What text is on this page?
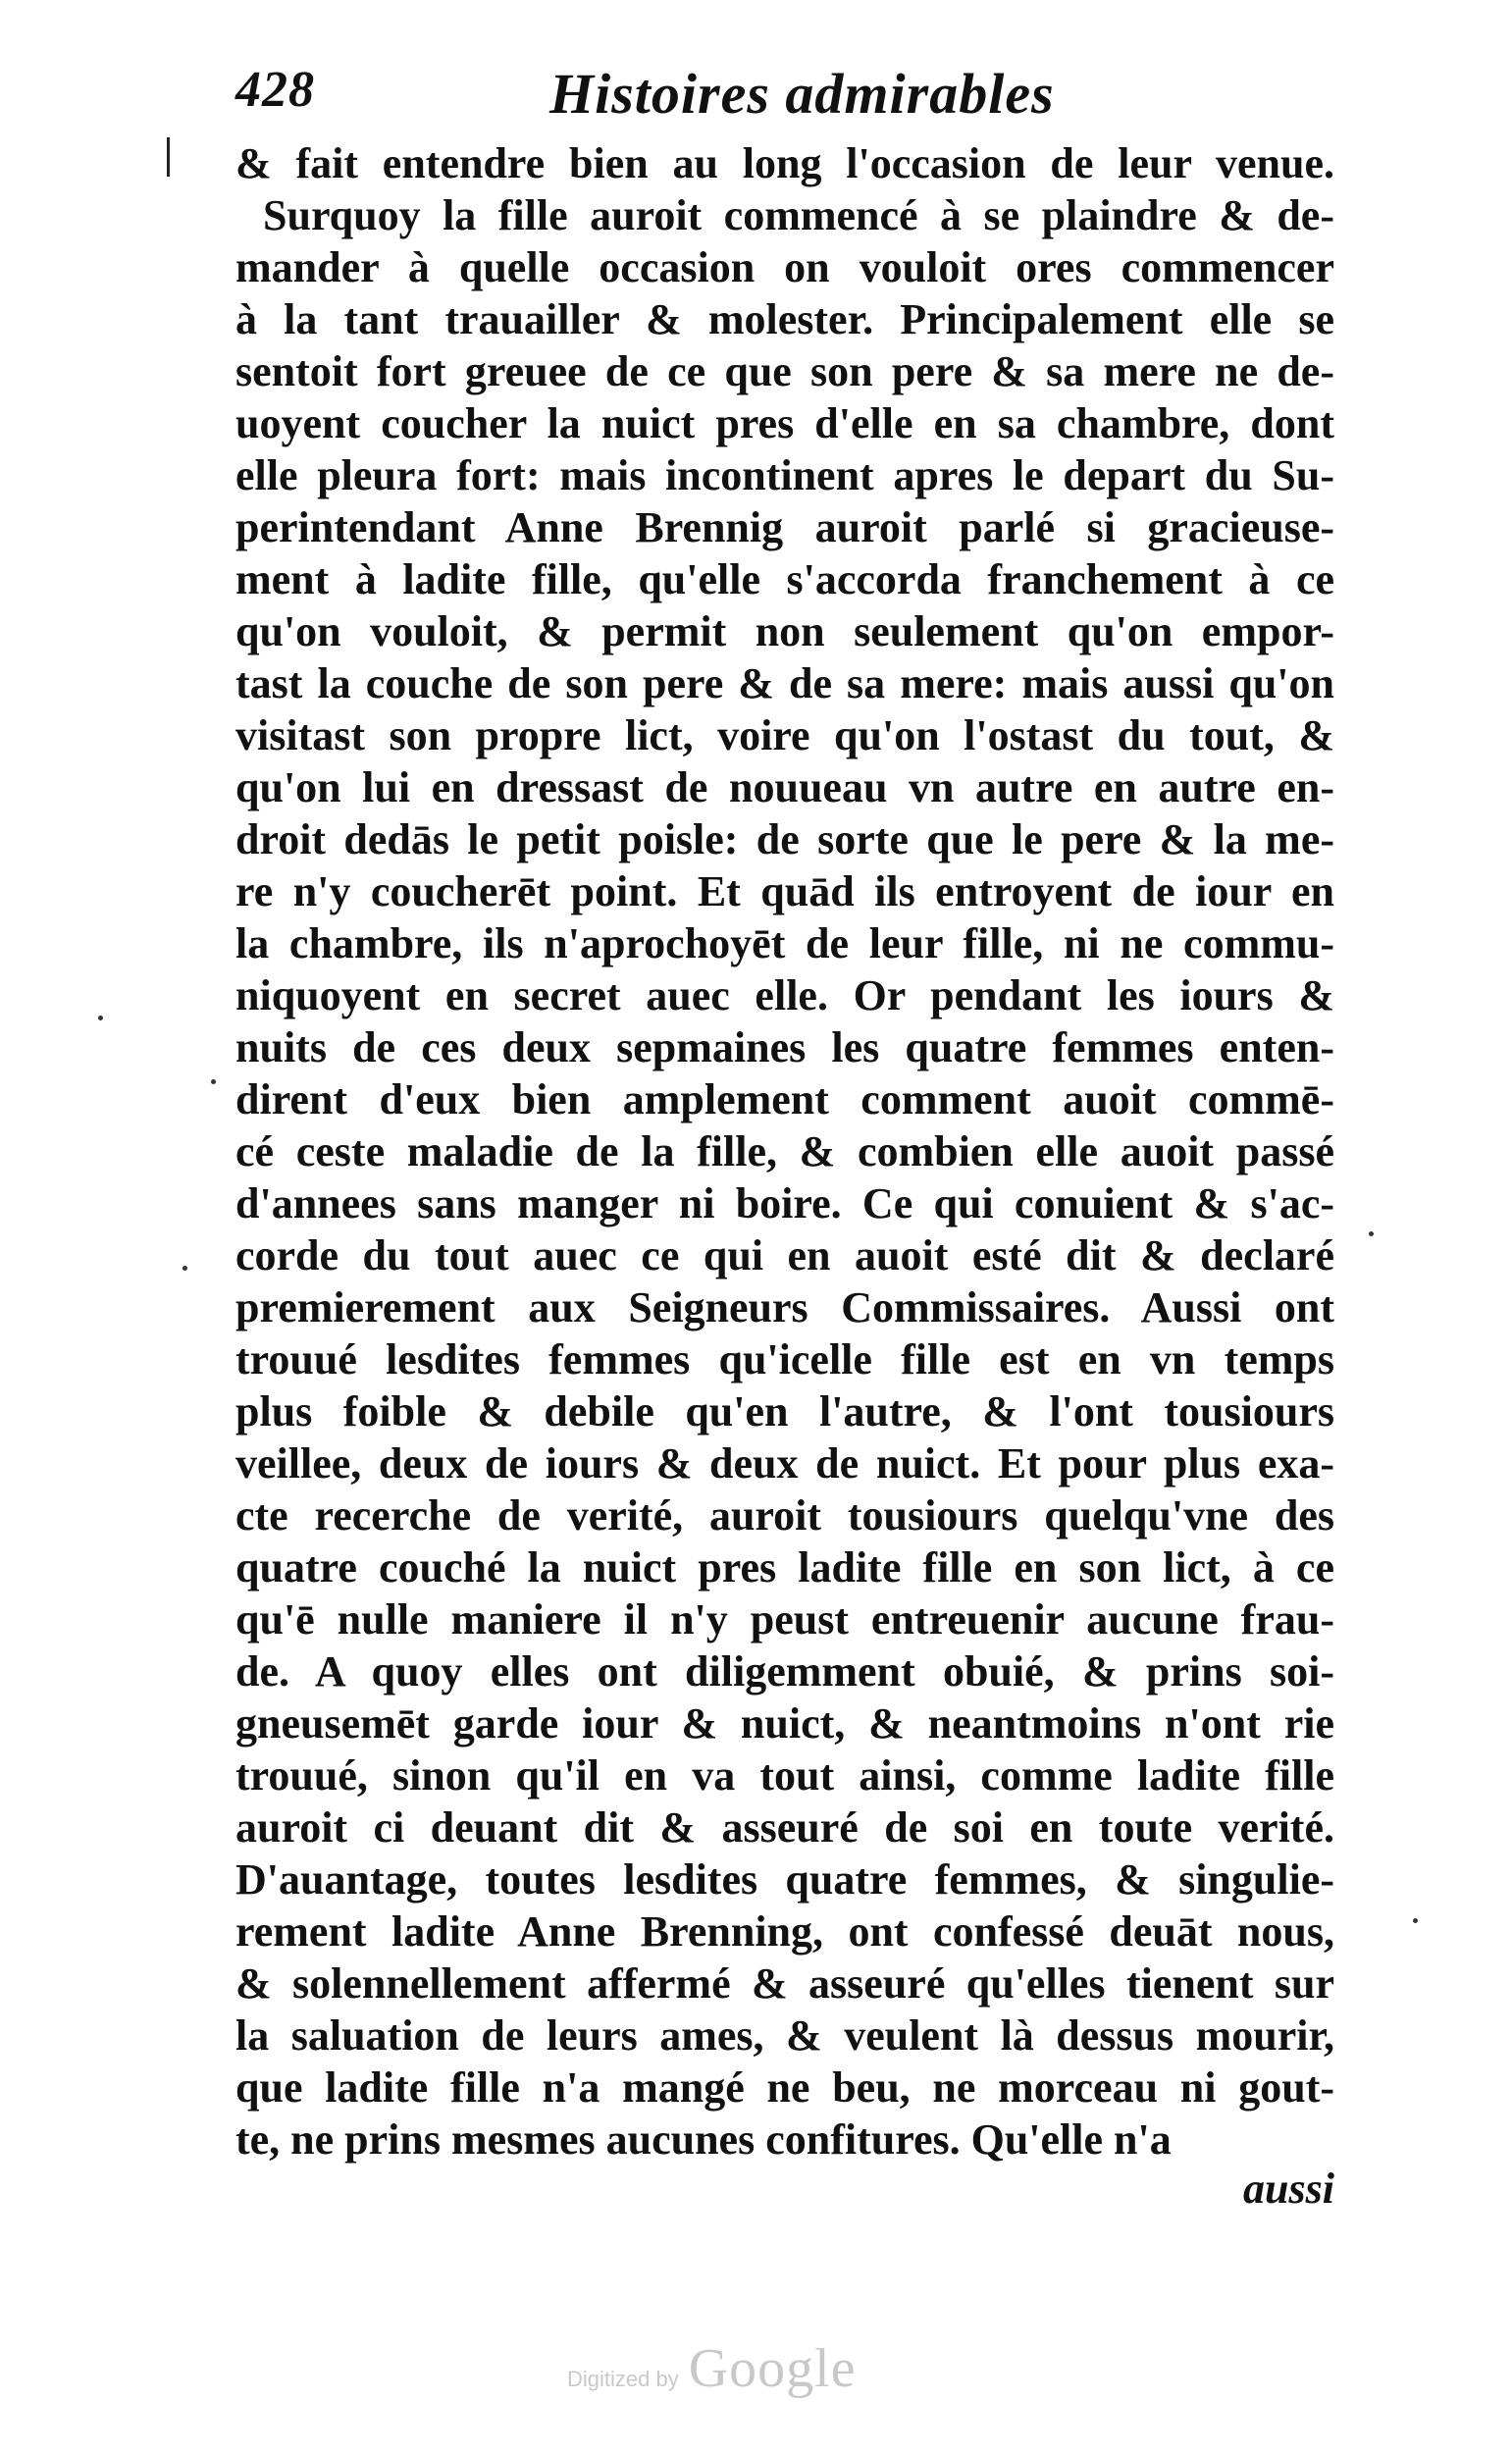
428	Histoires admirables
& fait entendre bien au long l'occasion de leur venue.
Surquoy la fille auroit commencé à se plaindre & de-
mander à quelle occasion on vouloit ores commencer
à la tant trauailler & molester. Principalement elle se
sentoit fort greuee de ce que son pere & sa mere ne de-
uoyent coucher la nuict pres d'elle en sa chambre, dont
elle pleura fort: mais incontinent apres le depart du Su-
perintendant Anne Brennig auroit parlé si gracieuse-
ment à ladite fille, qu'elle s'accorda franchement à ce
qu'on vouloit, & permit non seulement qu'on empor-
tast la couche de son pere & de sa mere: mais aussi qu'on
visitast son propre lict, voire qu'on l'ostast du tout, &
qu'on lui en dressast de nouueau vn autre en autre en-
droit dedās le petit poisle: de sorte que le pere & la me-
re n'y coucherēt point. Et quād ils entroyent de iour en
la chambre, ils n'aprochoyēt de leur fille, ni ne commu-
niquoyent en secret auec elle. Or pendant les iours &
nuits de ces deux sepmaines les quatre femmes enten-
dirent d'eux bien amplement comment auoit commē-
cé ceste maladie de la fille, & combien elle auoit passé
d'annees sans manger ni boire. Ce qui conuient & s'ac-
corde du tout auec ce qui en auoit esté dit & declaré
premierement aux Seigneurs Commissaires. Aussi ont
trouué lesdites femmes qu'icelle fille est en vn temps
plus foible & debile qu'en l'autre, & l'ont tousiours
veillee, deux de iours & deux de nuict. Et pour plus exa-
cte recerche de verité, auroit tousiours quelqu'vne des
quatre couché la nuict pres ladite fille en son lict, à ce
qu'ē nulle maniere il n'y peust entreuenir aucune frau-
de. A quoy elles ont diligemment obuié, & prins soi-
gneusemēt garde iour & nuict, & neantmoins n'ont rie
trouué, sinon qu'il en va tout ainsi, comme ladite fille
auroit ci deuant dit & asseuré de soi en toute verité.
D'auantage, toutes lesdites quatre femmes, & singulie-
rement ladite Anne Brenning, ont confessé deuāt nous,
& solennellement affermé & asseuré qu'elles tienent sur
la saluation de leurs ames, & veulent là dessus mourir,
que ladite fille n'a mangé ne beu, ne morceau ni gout-
te, ne prins mesmes aucunes confitures. Qu'elle n'a
aussi
Digitized by Google
